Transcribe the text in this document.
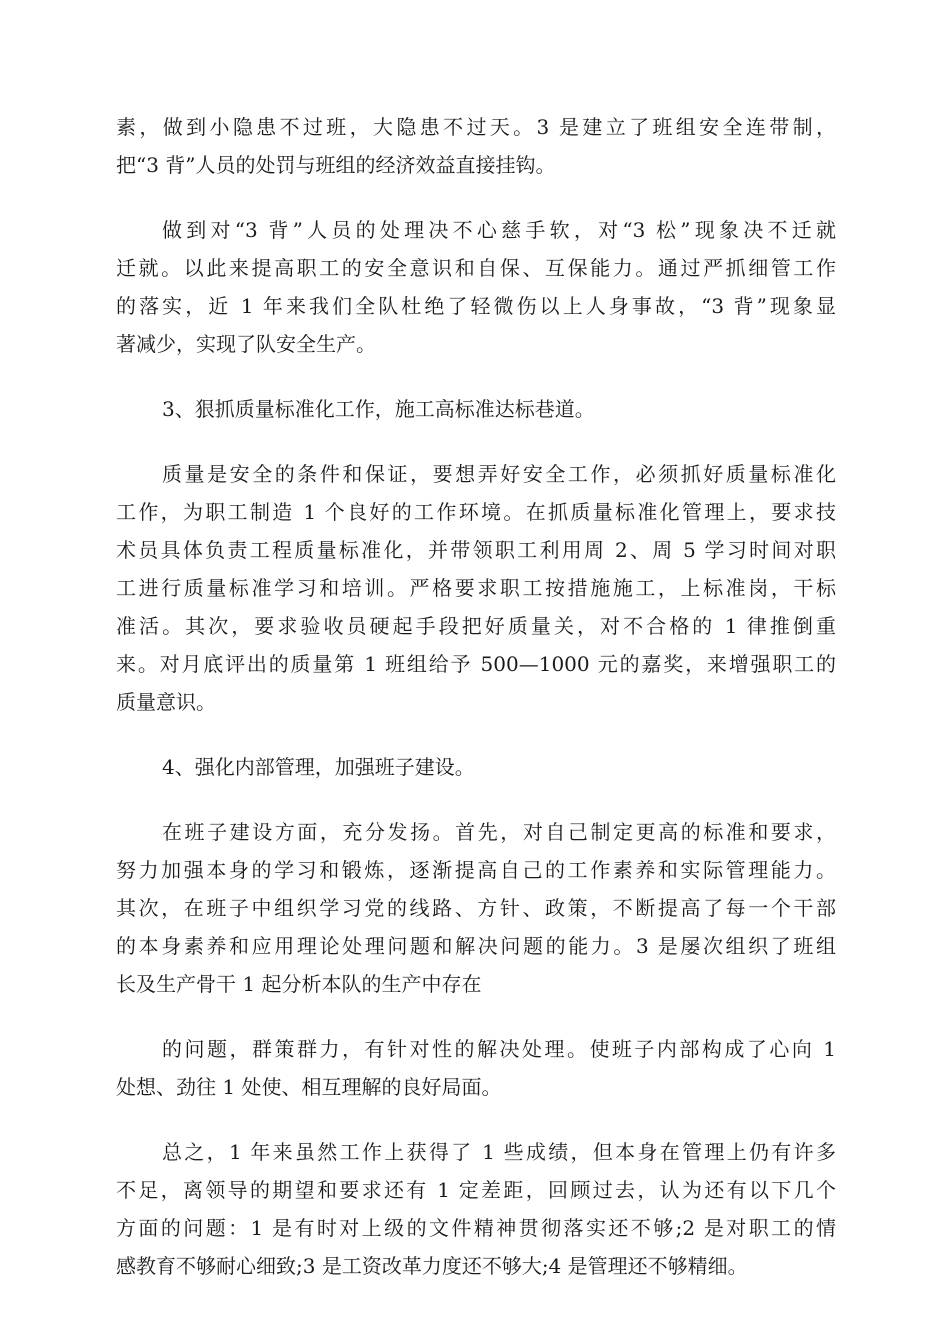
素，做到小隐患不过班，大隐患不过天。3 是建立了班组安全连带制，
把“3 背”人员的处罚与班组的经济效益直接挂钩。
做到对“3 背”人员的处理决不心慈手软，对“3 松”现象决不迁就
迁就。以此来提高职工的安全意识和自保、互保能力。通过严抓细管工作
的落实，近 1 年来我们全队杜绝了轻微伤以上人身事故，“3 背”现象显
著减少，实现了队安全生产。
3、狠抓质量标准化工作，施工高标准达标巷道。
质量是安全的条件和保证，要想弄好安全工作，必须抓好质量标准化
工作，为职工制造 1 个良好的工作环境。在抓质量标准化管理上，要求技
术员具体负责工程质量标准化，并带领职工利用周 2、周 5 学习时间对职
工进行质量标准学习和培训。严格要求职工按措施施工，上标准岗，干标
准活。其次，要求验收员硬起手段把好质量关，对不合格的 1 律推倒重
来。对月底评出的质量第 1 班组给予 500—1000 元的嘉奖，来增强职工的
质量意识。
4、强化内部管理，加强班子建设。
在班子建设方面，充分发扬。首先，对自己制定更高的标准和要求，
努力加强本身的学习和锻炼，逐渐提高自己的工作素养和实际管理能力。
其次，在班子中组织学习党的线路、方针、政策，不断提高了每一个干部
的本身素养和应用理论处理问题和解决问题的能力。3 是屡次组织了班组
长及生产骨干 1 起分析本队的生产中存在
的问题，群策群力，有针对性的解决处理。使班子内部构成了心向 1
处想、劲往 1 处使、相互理解的良好局面。
总之，1 年来虽然工作上获得了 1 些成绩，但本身在管理上仍有许多
不足，离领导的期望和要求还有 1 定差距，回顾过去，认为还有以下几个
方面的问题：1 是有时对上级的文件精神贯彻落实还不够;2 是对职工的情
感教育不够耐心细致;3 是工资改革力度还不够大;4 是管理还不够精细。
